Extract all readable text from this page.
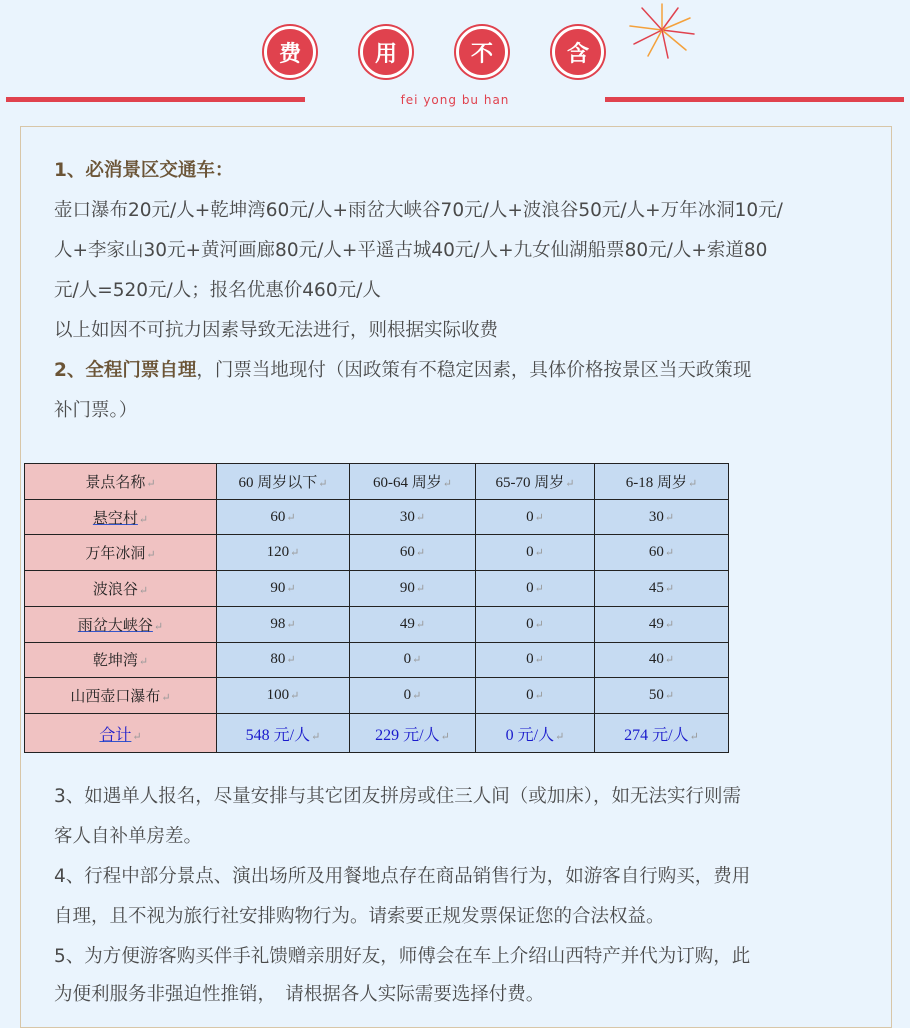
费	用	不	含
fei yong bu han
1、必消景区交通车：
壶口瀑布20元/人+乾坤湾60元/人+雨岔大峡谷70元/人+波浪谷50元/人+万年冰洞10元/
人+李家山30元+黄河画廊80元/人+平遥古城40元/人+九女仙湖船票80元/人+索道80
元/人=520元/人；报名优惠价460元/人
以上如因不可抗力因素导致无法进行，则根据实际收费
2、全程门票自理，门票当地现付（因政策有不稳定因素，具体价格按景区当天政策现
补门票。）
景点名称↵	60 周岁以下↵	60-64 周岁↵	65-70 周岁↵	6-18 周岁↵
悬空村↵	60↵	30↵	0↵	30↵
万年冰洞↵	120↵	60↵	0↵	60↵
波浪谷↵	90↵	90↵	0↵	45↵
雨岔大峡谷↵	98↵	49↵	0↵	49↵
乾坤湾↵	80↵	0↵	0↵	40↵
山西壶口瀑布↵	100↵	0↵	0↵	50↵
合计↵	548 元/人↵	229 元/人↵	0 元/人↵	274 元/人↵
3、如遇单人报名，尽量安排与其它团友拼房或住三人间（或加床），如无法实行则需
客人自补单房差。
4、行程中部分景点、演出场所及用餐地点存在商品销售行为，如游客自行购买，费用
自理，且不视为旅行社安排购物行为。请索要正规发票保证您的合法权益。
5、为方便游客购买伴手礼馈赠亲朋好友，师傅会在车上介绍山西特产并代为订购，此
为便利服务非强迫性推销，　请根据各人实际需要选择付费。
